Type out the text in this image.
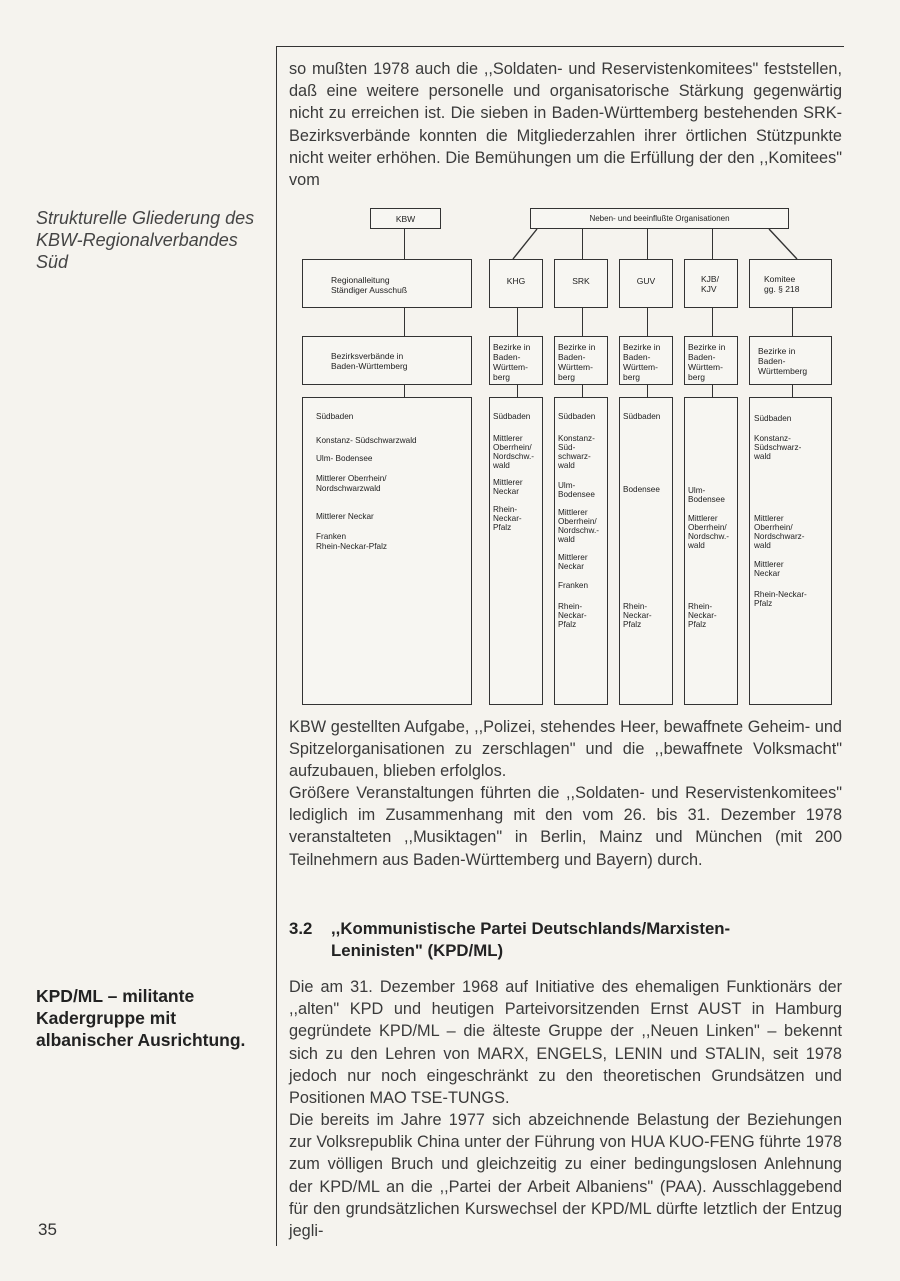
Strukturelle Gliederung des KBW-Regionalverbandes Süd
KPD/ML – militante Kadergruppe mit albanischer Ausrichtung.
35

so mußten 1978 auch die ,,Soldaten- und Reservistenkomitees" feststellen, daß eine weitere personelle und organisatorische Stärkung gegenwärtig nicht zu erreichen ist. Die sieben in Baden-Württemberg bestehenden SRK-Bezirksverbände konnten die Mitgliederzahlen ihrer örtlichen Stützpunkte nicht weiter erhöhen. Die Bemühungen um die Erfüllung der den ,,Komitees" vom

KBW	Neben- und beeinflußte Organisationen
Regionalleitung
Ständiger Ausschuß
KHG	SRK	GUV	KJB/
KJV
Komitee
gg. § 218
Bezirksverbände in
Baden-Württemberg
Bezirke in
Baden-
Württem-
berg
Bezirke in
Baden-
Württem-
berg
Bezirke in
Baden-
Württem-
berg
Bezirke in
Baden-
Württem-
berg
Bezirke in
Baden-
Württemberg
Südbaden
Konstanz- Südschwarzwald
Ulm- Bodensee
Mittlerer Oberrhein/
Nordschwarzwald
Mittlerer Neckar
Franken
Rhein-Neckar-Pfalz
Südbaden
Mittlerer
Oberrhein/
Nordschw.-
wald
Mittlerer
Neckar
Rhein-
Neckar-
Pfalz
Südbaden
Konstanz-
Süd-
schwarz-
wald
Ulm-
Bodensee
Mittlerer
Oberrhein/
Nordschw.-
wald
Mittlerer
Neckar
Franken
Rhein-
Neckar-
Pfalz
Südbaden
Bodensee
Rhein-
Neckar-
Pfalz
Ulm-
Bodensee
Mittlerer
Oberrhein/
Nordschw.-
wald
Rhein-
Neckar-
Pfalz
Südbaden
Konstanz-
Südschwarz-
wald
Mittlerer
Oberrhein/
Nordschwarz-
wald
Mittlerer
Neckar
Rhein-Neckar-
Pfalz

KBW gestellten Aufgabe, ,,Polizei, stehendes Heer, bewaffnete Geheim- und Spitzelorganisationen zu zerschlagen" und die ,,bewaffnete Volksmacht" aufzubauen, blieben erfolglos.

Größere Veranstaltungen führten die ,,Soldaten- und Reservistenkomitees" lediglich im Zusammenhang mit den vom 26. bis 31. Dezember 1978 veranstalteten ,,Musiktagen" in Berlin, Mainz und München (mit 200 Teilnehmern aus Baden-Württemberg und Bayern) durch.

3.2 ,,Kommunistische Partei Deutschlands/Marxisten-
Leninisten" (KPD/ML)

Die am 31. Dezember 1968 auf Initiative des ehemaligen Funktionärs der ,,alten" KPD und heutigen Parteivorsitzenden Ernst AUST in Hamburg gegründete KPD/ML – die älteste Gruppe der ,,Neuen Linken" – bekennt sich zu den Lehren von MARX, ENGELS, LENIN und STALIN, seit 1978 jedoch nur noch eingeschränkt zu den theoretischen Grundsätzen und Positionen MAO TSE-TUNGS.

Die bereits im Jahre 1977 sich abzeichnende Belastung der Beziehungen zur Volksrepublik China unter der Führung von HUA KUO-FENG führte 1978 zum völligen Bruch und gleichzeitig zu einer bedingungslosen Anlehnung der KPD/ML an die ,,Partei der Arbeit Albaniens" (PAA). Ausschlaggebend für den grundsätzlichen Kurswechsel der KPD/ML dürfte letztlich der Entzug jegli-
